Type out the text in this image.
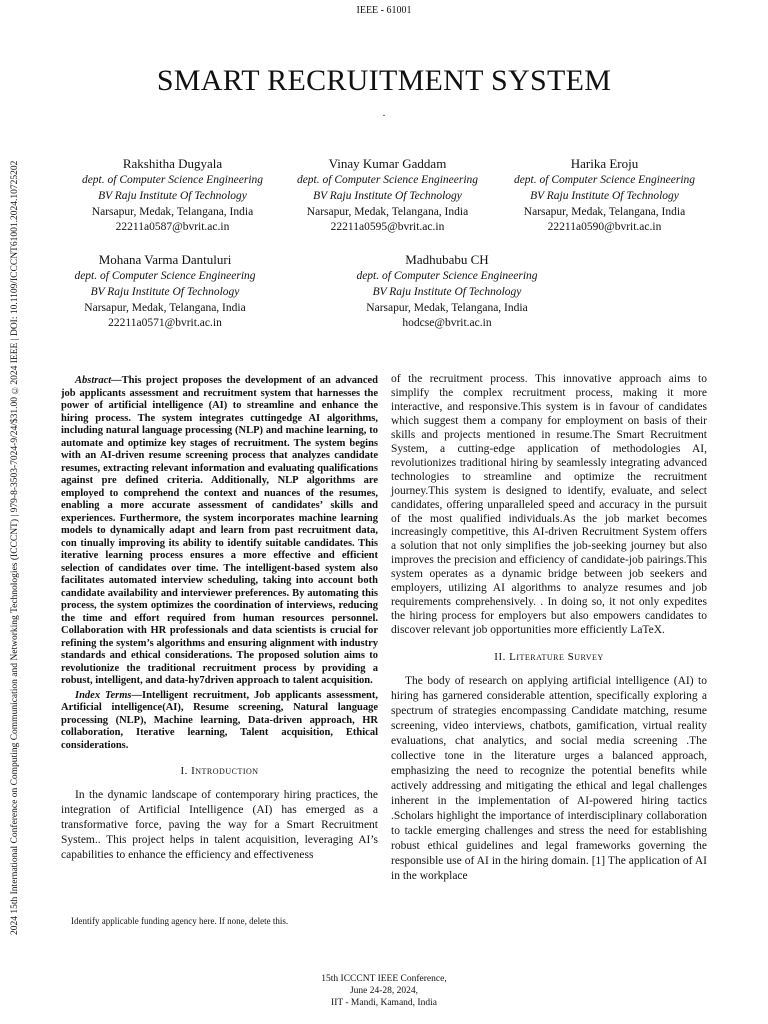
IEEE - 61001
2024 15th International Conference on Computing Communication and Networking Technologies (ICCCNT) | 979-8-3503-7024-9/24/$31.00 ©2024 IEEE | DOI: 10.1109/ICCCNT61001.2024.10725202
SMART RECRUITMENT SYSTEM
.
Rakshitha Dugyala
dept. of Computer Science Engineering
BV Raju Institute Of Technology
Narsapur, Medak, Telangana, India
22211a0587@bvrit.ac.in
Vinay Kumar Gaddam
dept. of Computer Science Engineering
BV Raju Institute Of Technology
Narsapur, Medak, Telangana, India
22211a0595@bvrit.ac.in
Harika Eroju
dept. of Computer Science Engineering
BV Raju Institute Of Technology
Narsapur, Medak, Telangana, India
22211a0590@bvrit.ac.in
Mohana Varma Dantuluri
dept. of Computer Science Engineering
BV Raju Institute Of Technology
Narsapur, Medak, Telangana, India
22211a0571@bvrit.ac.in
Madhubabu CH
dept. of Computer Science Engineering
BV Raju Institute Of Technology
Narsapur, Medak, Telangana, India
hodcse@bvrit.ac.in

Abstract—This project proposes the development of an advanced job applicants assessment and recruitment system that harnesses the power of artificial intelligence (AI) to streamline and enhance the hiring process. The system integrates cuttingedge AI algorithms, including natural language processing (NLP) and machine learning, to automate and optimize key stages of recruitment. The system begins with an AI-driven resume screening process that analyzes candidate resumes, extracting relevant information and evaluating qualifications against pre defined criteria. Additionally, NLP algorithms are employed to comprehend the context and nuances of the resumes, enabling a more accurate assessment of candidates’ skills and experiences. Furthermore, the system incorporates machine learning models to dynamically adapt and learn from past recruitment data, con tinually improving its ability to identify suitable candidates. This iterative learning process ensures a more effective and efficient selection of candidates over time. The intelligent-based system also facilitates automated interview scheduling, taking into account both candidate availability and interviewer preferences. By automating this process, the system optimizes the coordination of interviews, reducing the time and effort required from human resources personnel. Collaboration with HR professionals and data scientists is crucial for refining the system’s algorithms and ensuring alignment with industry standards and ethical considerations. The proposed solution aims to revolutionize the traditional recruitment process by providing a robust, intelligent, and data-hy7driven approach to talent acquisition.

Index Terms—Intelligent recruitment, Job applicants assessment, Artificial intelligence(AI), Resume screening, Natural language processing (NLP), Machine learning, Data-driven approach, HR collaboration, Iterative learning, Talent acquisition, Ethical considerations.

I. Introduction

In the dynamic landscape of contemporary hiring practices, the integration of Artificial Intelligence (AI) has emerged as a transformative force, paving the way for a Smart Recruitment System.. This project helps in talent acquisition, leveraging AI’s capabilities to enhance the efficiency and effectiveness

Identify applicable funding agency here. If none, delete this.

of the recruitment process. This innovative approach aims to simplify the complex recruitment process, making it more interactive, and responsive.This system is in favour of candidates which suggest them a company for employment on basis of their skills and projects mentioned in resume.The Smart Recruitment System, a cutting-edge application of methodologies AI, revolutionizes traditional hiring by seamlessly integrating advanced technologies to streamline and optimize the recruitment journey.This system is designed to identify, evaluate, and select candidates, offering unparalleled speed and accuracy in the pursuit of the most qualified individuals.As the job market becomes increasingly competitive, this AI-driven Recruitment System offers a solution that not only simplifies the job-seeking journey but also improves the precision and efficiency of candidate-job pairings.This system operates as a dynamic bridge between job seekers and employers, utilizing AI algorithms to analyze resumes and job requirements comprehensively. . In doing so, it not only expedites the hiring process for employers but also empowers candidates to discover relevant job opportunities more efficiently LaTeX.

II. Literature Survey

The body of research on applying artificial intelligence (AI) to hiring has garnered considerable attention, specifically exploring a spectrum of strategies encompassing Candidate matching, resume screening, video interviews, chatbots, gamification, virtual reality evaluations, chat analytics, and social media screening .The collective tone in the literature urges a balanced approach, emphasizing the need to recognize the potential benefits while actively addressing and mitigating the ethical and legal challenges inherent in the implementation of AI-powered hiring tactics .Scholars highlight the importance of interdisciplinary collaboration to tackle emerging challenges and stress the need for establishing robust ethical guidelines and legal frameworks governing the responsible use of AI in the hiring domain. [1] The application of AI in the workplace

15th ICCCNT IEEE Conference,
June 24-28, 2024,
IIT - Mandi, Kamand, India
